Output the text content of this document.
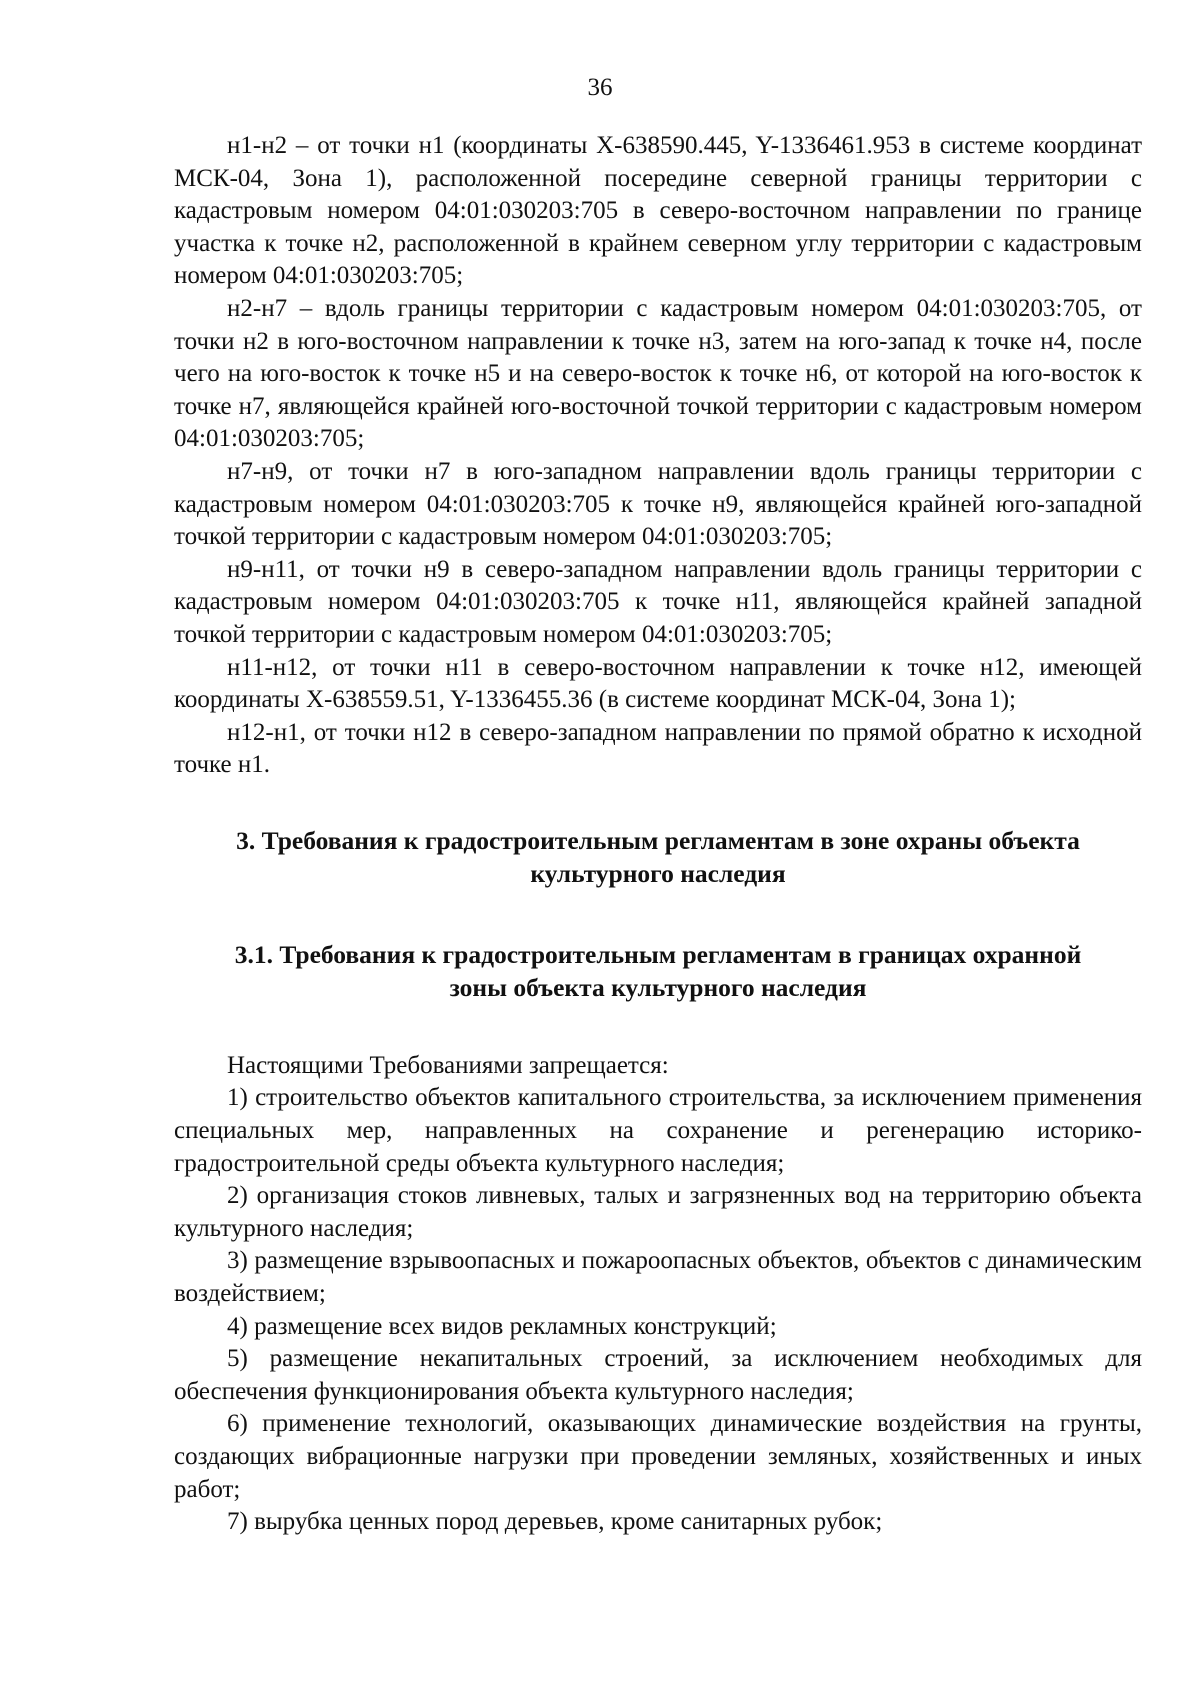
36

н1-н2 – от точки н1 (координаты X-638590.445, Y-1336461.953 в системе координат МСК-04, Зона 1), расположенной посередине северной границы территории с кадастровым номером 04:01:030203:705 в северо-восточном направлении по границе участка к точке н2, расположенной в крайнем северном углу территории с кадастровым номером 04:01:030203:705;

н2-н7 – вдоль границы территории с кадастровым номером 04:01:030203:705, от точки н2 в юго-восточном направлении к точке н3, затем на юго-запад к точке н4, после чего на юго-восток к точке н5 и на северо-восток к точке н6, от которой на юго-восток к точке н7, являющейся крайней юго-восточной точкой территории с кадастровым номером 04:01:030203:705;

н7-н9, от точки н7 в юго-западном направлении вдоль границы территории с кадастровым номером 04:01:030203:705 к точке н9, являющейся крайней юго-западной точкой территории с кадастровым номером 04:01:030203:705;

н9-н11, от точки н9 в северо-западном направлении вдоль границы территории с кадастровым номером 04:01:030203:705 к точке н11, являющейся крайней западной точкой территории с кадастровым номером 04:01:030203:705;

н11-н12, от точки н11 в северо-восточном направлении к точке н12, имеющей координаты X-638559.51, Y-1336455.36 (в системе координат МСК-04, Зона 1);

н12-н1, от точки н12 в северо-западном направлении по прямой обратно к исходной точке н1.

3. Требования к градостроительным регламентам в зоне охраны объекта
культурного наследия
3.1. Требования к градостроительным регламентам в границах охранной
зоны объекта культурного наследия

Настоящими Требованиями запрещается:

1) строительство объектов капитального строительства, за исключением применения специальных мер, направленных на сохранение и регенерацию историко-градостроительной среды объекта культурного наследия;

2) организация стоков ливневых, талых и загрязненных вод на территорию объекта культурного наследия;

3) размещение взрывоопасных и пожароопасных объектов, объектов с динамическим воздействием;

4) размещение всех видов рекламных конструкций;

5) размещение некапитальных строений, за исключением необходимых для обеспечения функционирования объекта культурного наследия;

6) применение технологий, оказывающих динамические воздействия на грунты, создающих вибрационные нагрузки при проведении земляных, хозяйственных и иных работ;

7) вырубка ценных пород деревьев, кроме санитарных рубок;
